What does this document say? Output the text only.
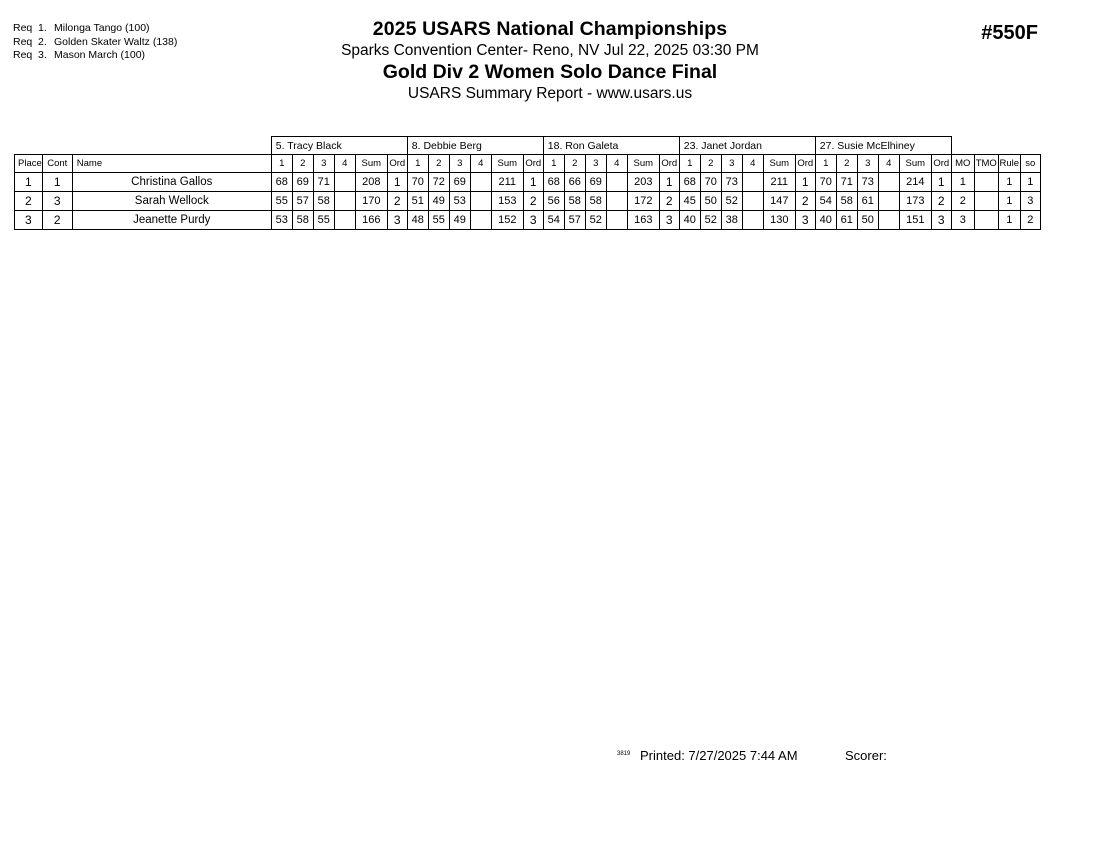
Req 1. Milonga Tango (100)
Req 2. Golden Skater Waltz (138)
Req 3. Mason March (100)
2025 USARS National Championships
Sparks Convention Center- Reno, NV Jul 22, 2025 03:30 PM
Gold Div 2 Women Solo Dance Final
USARS Summary Report - www.usars.us
#550F
			5. Tracy Black						8. Debbie Berg						18. Ron Galeta						23. Janet Jordan						27. Susie McElhiney									
Place	Cont	Name	1	2	3	4	Sum	Ord	1	2	3	4	Sum	Ord	1	2	3	4	Sum	Ord	1	2	3	4	Sum	Ord	1	2	3	4	Sum	Ord	MO	TMO	Rule	so
1	1	Christina Gallos	68	69	71		208	1	70	72	69		211	1	68	66	69		203	1	68	70	73		211	1	70	71	73		214	1	1		1	1
2	3	Sarah Wellock	55	57	58		170	2	51	49	53		153	2	56	58	58		172	2	45	50	52		147	2	54	58	61		173	2	2		1	3
3	2	Jeanette Purdy	53	58	55		166	3	48	55	49		152	3	54	57	52		163	3	40	52	38		130	3	40	61	50		151	3	3		1	2
3819 Printed: 7/27/2025 7:44 AM	Scorer:
